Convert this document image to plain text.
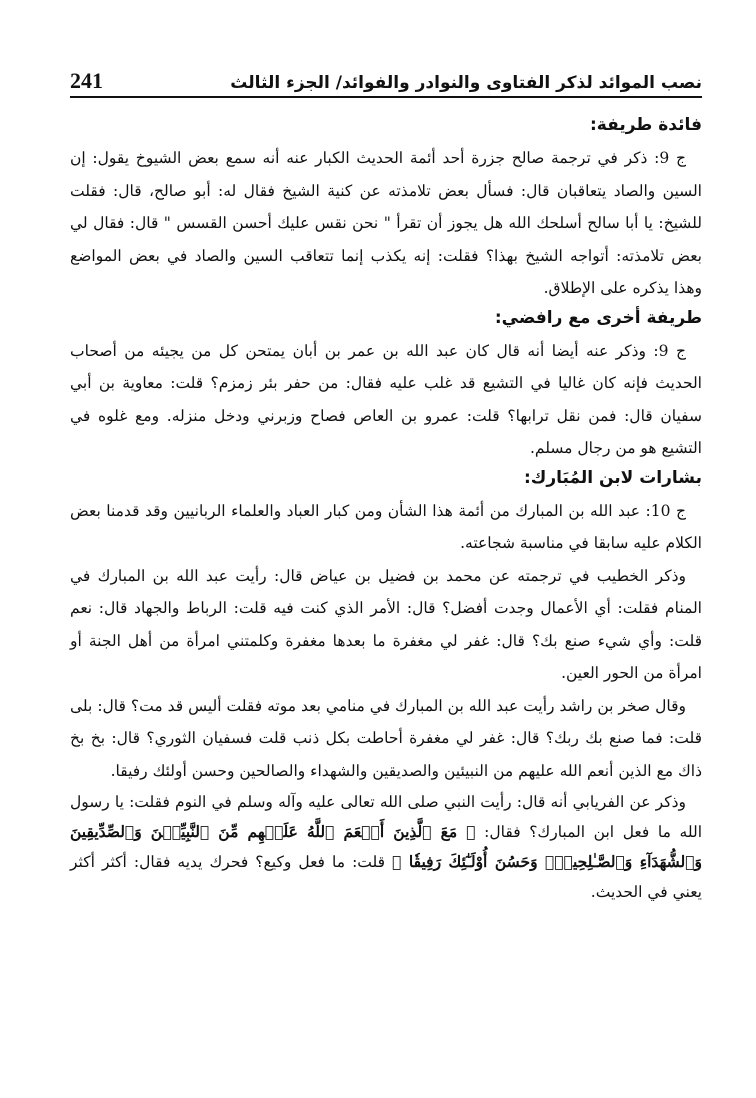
نصب الموائد لذكر الفتاوى والنوادر والفوائد/ الجزء الثالث
241
فائدة طريفة:

ج 9: ذكر في ترجمة صالح جزرة أحد أئمة الحديث الكبار عنه أنه سمع بعض الشيوخ يقول: إن السين والصاد يتعاقبان قال: فسأل بعض تلامذته عن كنية الشيخ فقال له: أبو صالح، قال: فقلت للشيخ: يا أبا سالح أسلحك الله هل يجوز أن تقرأ " نحن نقس عليك أحسن القسس " قال: فقال لي بعض تلامذته: أتواجه الشيخ بهذا؟ فقلت: إنه يكذب إنما تتعاقب السين والصاد في بعض المواضع وهذا يذكره على الإطلاق.

طريفة أخرى مع رافضي:

ج 9: وذكر عنه أيضا أنه قال كان عبد الله بن عمر بن أبان يمتحن كل من يجيئه من أصحاب الحديث فإنه كان غاليا في التشيع قد غلب عليه فقال: من حفر بئر زمزم؟ قلت: معاوية بن أبي سفيان قال: فمن نقل ترابها؟ قلت: عمرو بن العاص فصاح وزبرني ودخل منزله. ومع غلوه في التشيع هو من رجال مسلم.

بشارات لابن المُبَارك:

ج 10: عبد الله بن المبارك من أئمة هذا الشأن ومن كبار العباد والعلماء الربانيين وقد قدمنا بعض الكلام عليه سابقا في مناسبة شجاعته.

وذكر الخطيب في ترجمته عن محمد بن فضيل بن عياض قال: رأيت عبد الله بن المبارك في المنام فقلت: أي الأعمال وجدت أفضل؟ قال: الأمر الذي كنت فيه قلت: الرباط والجهاد قال: نعم قلت: وأي شيء صنع بك؟ قال: غفر لي مغفرة ما بعدها مغفرة وكلمتني امرأة من أهل الجنة أو امرأة من الحور العين.

وقال صخر بن راشد رأيت عبد الله بن المبارك في منامي بعد موته فقلت أليس قد مت؟ قال: بلى قلت: فما صنع بك ربك؟ قال: غفر لي مغفرة أحاطت بكل ذنب قلت فسفيان الثوري؟ قال: بخ بخ ذاك مع الذين أنعم الله عليهم من النبيئين والصديقين والشهداء والصالحين وحسن أولئك رفيقا.

وذكر عن الفريابي أنه قال: رأيت النبي صلى الله تعالى عليه وآله وسلم في النوم فقلت: يا رسول الله ما فعل ابن المبارك؟ فقال: ﴿ مَعَ ٱلَّذِينَ أَنۡعَمَ ٱللَّهُ عَلَيۡهِم مِّنَ ٱلنَّبِيِّـۧنَ وَٱلصِّدِّيقِينَ وَٱلشُّهَدَآءِ وَٱلصَّـٰلِحِينَۚ وَحَسُنَ أُوْلَـٰٓئِكَ رَفِيقٗا ﴾ قلت: ما فعل وكيع؟ فحرك يديه فقال: أكثر أكثر يعني في الحديث.
